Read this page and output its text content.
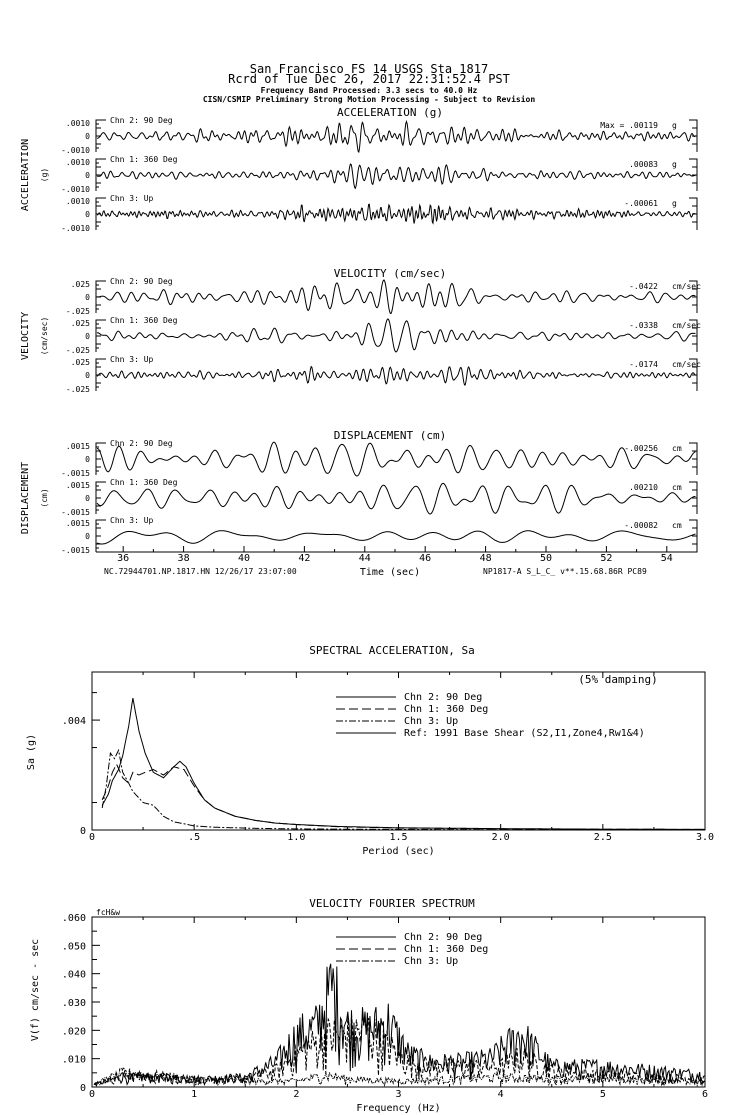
San Francisco FS 14 USGS Sta 1817
Rcrd of Tue Dec 26, 2017 22:31:52.4 PST
Frequency Band Processed: 3.3 secs to 40.0 Hz
CISN/CSMIP Preliminary Strong Motion Processing - Subject to Revision
ACCELERATION (g)
ACCELERATION (g)
.0010
0
-.0010
Chn 2: 90 Deg
Max = .00119 g
.0010
0
-.0010
Chn 1: 360 Deg
.00083 g
.0010
0
-.0010
Chn 3: Up
-.00061 g
VELOCITY (cm/sec)
VELOCITY (cm/sec)
.025
0
-.025
Chn 2: 90 Deg
-.0422 cm/sec
.025
0
-.025
Chn 1: 360 Deg
-.0338 cm/sec
.025
0
-.025
Chn 3: Up
-.0174 cm/sec
DISPLACEMENT (cm)
DISPLACEMENT (cm)
.0015
0
-.0015
Chn 2: 90 Deg
-.00256 cm
.0015
0
-.0015
Chn 1: 360 Deg
.00210 cm
.0015
0
-.0015
Chn 3: Up
-.00082 cm
36	38	40	42	44	46	48	50	52	54
Time (sec)
NC.72944701.NP.1817.HN 12/26/17 23:07:00	NP1817-A S_L_C_ v**.15.68.86R PC89
SPECTRAL ACCELERATION, Sa
0	.5	1.0	1.5	2.0	2.5	3.0
0
.004
Period (sec)
Sa (g)
Chn 2: 90 Deg
Chn 1: 360 Deg
Chn 3: Up
Ref: 1991 Base Shear (S2,I1,Zone4,Rw1&4)
(5% damping)
VELOCITY FOURIER SPECTRUM
0	1	2	3	4	5	6
0
.010
.020
.030
.040
.050
.060
Frequency (Hz)
V(f) cm/sec - sec
Chn 2: 90 Deg
Chn 1: 360 Deg
Chn 3: Up
fcH&w
